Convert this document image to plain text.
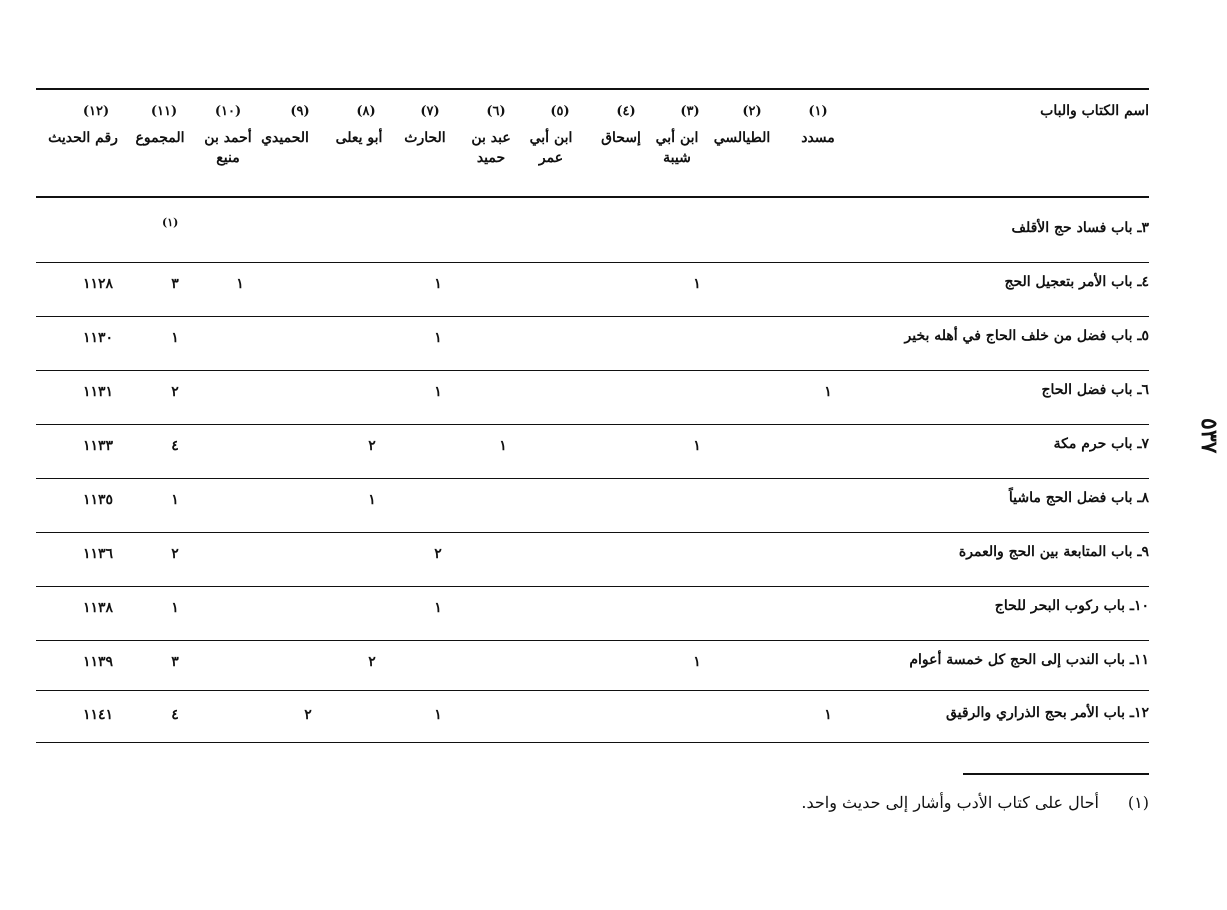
اسم الكتاب والباب
(١)
مسدد
(٢)
الطيالسي
(٣)
ابن أبي شيبة
(٤)
إسحاق
(٥)
ابن أبي عمر
(٦)
عبد بن حميد
(٧)
الحارث
(٨)
أبو يعلى
(٩)
الحميدي
(١٠)
أحمد بن منيع
(١١)
المجموع
(١٢)
رقم الحديث
(١)	٣ـ باب فساد حج الأقلف
٤ـ باب الأمر بتعجيل الحج
١
١
١
٣
١١٢٨
٥ـ باب فضل من خلف الحاج في أهله بخير
١
١
١١٣٠
٦ـ باب فضل الحاج
١
١
٢
١١٣١
٧ـ باب حرم مكة
١
١
٢
٤
١١٣٣
٨ـ باب فضل الحج ماشياً
١
١
١١٣٥
٩ـ باب المتابعة بين الحج والعمرة
٢
٢
١١٣٦
١٠ـ باب ركوب البحر للحاج
١
١
١١٣٨
١١ـ باب الندب إلى الحج كل خمسة أعوام
١
٢
٣
١١٣٩
١٢ـ باب الأمر بحج الذراري والرقيق
١
١
٢
٤
١١٤١
(١)
أحال على كتاب الأدب وأشار إلى حديث واحد.
٥٣٧
